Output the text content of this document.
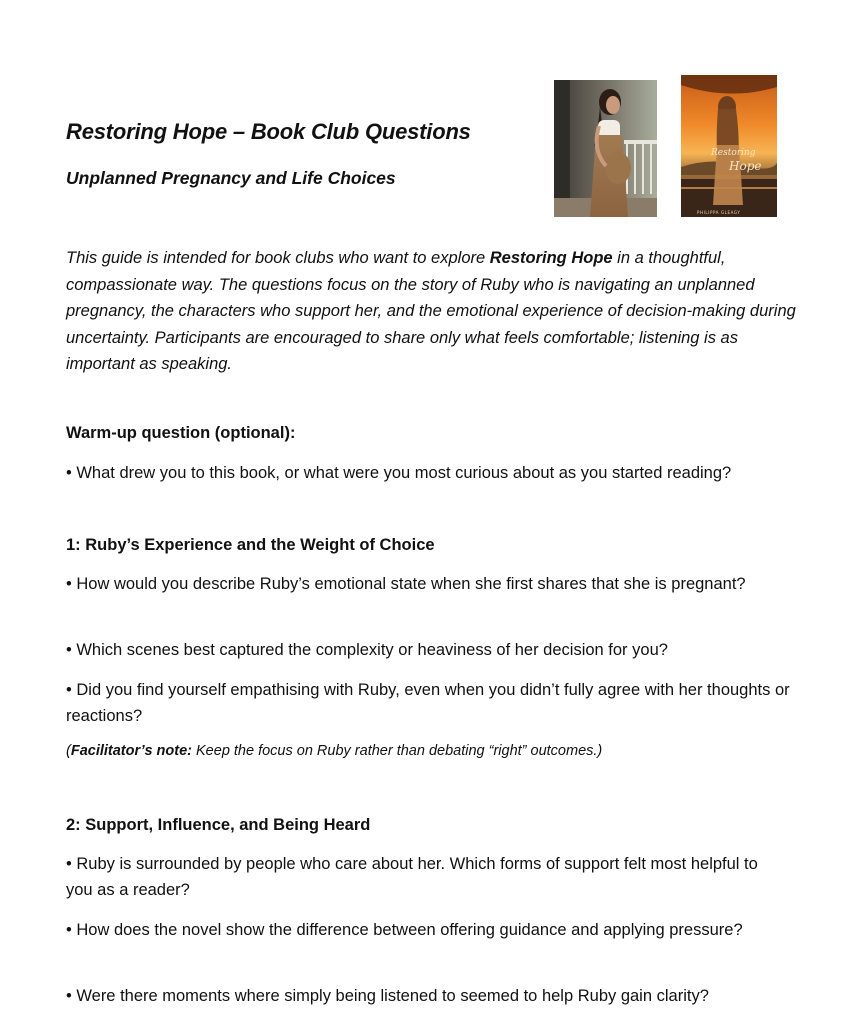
Restoring Hope – Book Club Questions
Unplanned Pregnancy and Life Choices
Restoring
Hope
PHILIPPA GLEAGY

This guide is intended for book clubs who want to explore Restoring Hope in a thoughtful, compassionate way. The questions focus on the story of Ruby who is navigating an unplanned pregnancy, the characters who support her, and the emotional experience of decision-making during uncertainty. Participants are encouraged to share only what feels comfortable; listening is as important as speaking.

Warm-up question (optional):

• What drew you to this book, or what were you most curious about as you started reading?

1: Ruby’s Experience and the Weight of Choice

• How would you describe Ruby’s emotional state when she first shares that she is pregnant?

• Which scenes best captured the complexity or heaviness of her decision for you?

• Did you find yourself empathising with Ruby, even when you didn’t fully agree with her thoughts or reactions?

(Facilitator’s note: Keep the focus on Ruby rather than debating “right” outcomes.)

2: Support, Influence, and Being Heard

• Ruby is surrounded by people who care about her. Which forms of support felt most helpful to you as a reader?

• How does the novel show the difference between offering guidance and applying pressure?

• Were there moments where simply being listened to seemed to help Ruby gain clarity?
